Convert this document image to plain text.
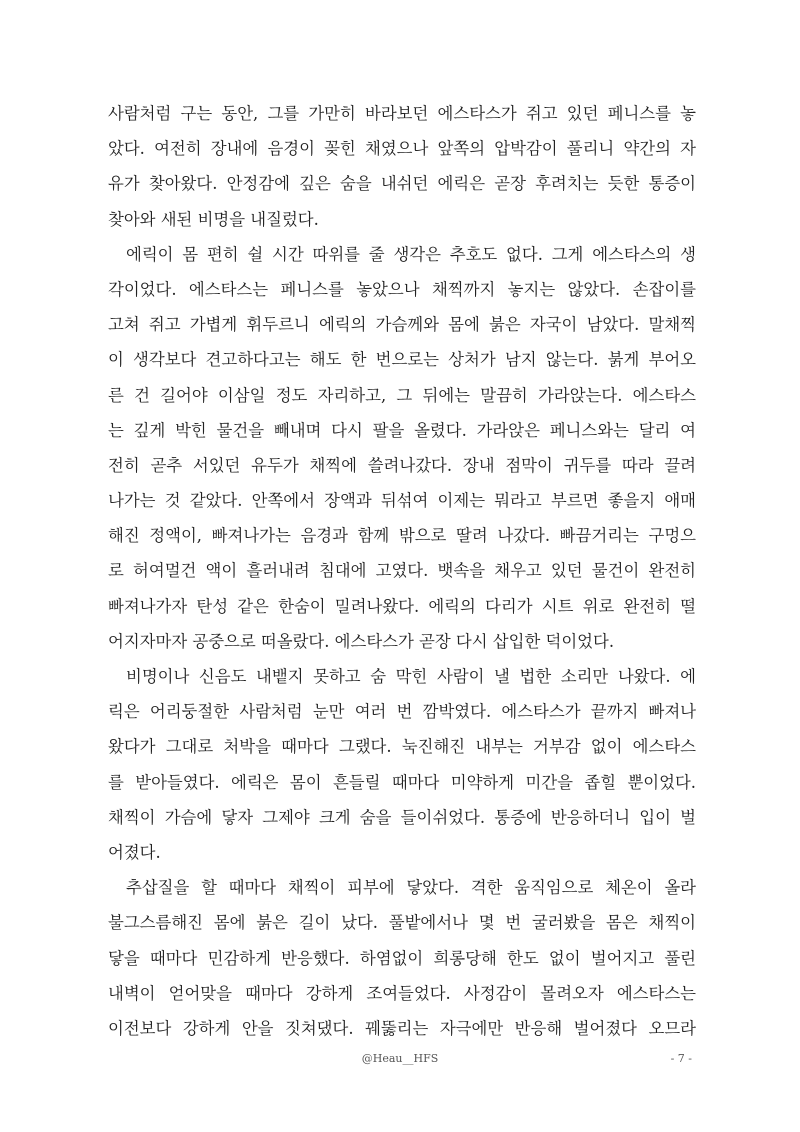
사람처럼 구는 동안, 그를 가만히 바라보던 에스타스가 쥐고 있던 페니스를 놓
았다. 여전히 장내에 음경이 꽂힌 채였으나 앞쪽의 압박감이 풀리니 약간의 자
유가 찾아왔다. 안정감에 깊은 숨을 내쉬던 에릭은 곧장 후려치는 듯한 통증이
찾아와 새된 비명을 내질렀다.
에릭이 몸 편히 쉴 시간 따위를 줄 생각은 추호도 없다. 그게 에스타스의 생
각이었다. 에스타스는 페니스를 놓았으나 채찍까지 놓지는 않았다. 손잡이를
고쳐 쥐고 가볍게 휘두르니 에릭의 가슴께와 몸에 붉은 자국이 남았다. 말채찍
이 생각보다 견고하다고는 해도 한 번으로는 상처가 남지 않는다. 붉게 부어오
른 건 길어야 이삼일 정도 자리하고, 그 뒤에는 말끔히 가라앉는다. 에스타스
는 깊게 박힌 물건을 빼내며 다시 팔을 올렸다. 가라앉은 페니스와는 달리 여
전히 곧추 서있던 유두가 채찍에 쓸려나갔다. 장내 점막이 귀두를 따라 끌려
나가는 것 같았다. 안쪽에서 장액과 뒤섞여 이제는 뭐라고 부르면 좋을지 애매
해진 정액이, 빠져나가는 음경과 함께 밖으로 딸려 나갔다. 빠끔거리는 구멍으
로 허여멀건 액이 흘러내려 침대에 고였다. 뱃속을 채우고 있던 물건이 완전히
빠져나가자 탄성 같은 한숨이 밀려나왔다. 에릭의 다리가 시트 위로 완전히 떨
어지자마자 공중으로 떠올랐다. 에스타스가 곧장 다시 삽입한 덕이었다.
비명이나 신음도 내뱉지 못하고 숨 막힌 사람이 낼 법한 소리만 나왔다. 에
릭은 어리둥절한 사람처럼 눈만 여러 번 깜박였다. 에스타스가 끝까지 빠져나
왔다가 그대로 처박을 때마다 그랬다. 눅진해진 내부는 거부감 없이 에스타스
를 받아들였다. 에릭은 몸이 흔들릴 때마다 미약하게 미간을 좁힐 뿐이었다.
채찍이 가슴에 닿자 그제야 크게 숨을 들이쉬었다. 통증에 반응하더니 입이 벌
어졌다.
추삽질을 할 때마다 채찍이 피부에 닿았다. 격한 움직임으로 체온이 올라
불그스름해진 몸에 붉은 길이 났다. 풀밭에서나 몇 번 굴러봤을 몸은 채찍이
닿을 때마다 민감하게 반응했다. 하염없이 희롱당해 한도 없이 벌어지고 풀린
내벽이 얻어맞을 때마다 강하게 조여들었다. 사정감이 몰려오자 에스타스는
이전보다 강하게 안을 짓쳐댔다. 꿰뚫리는 자극에만 반응해 벌어졌다 오므라
@Heau__HFS	- 7 -
